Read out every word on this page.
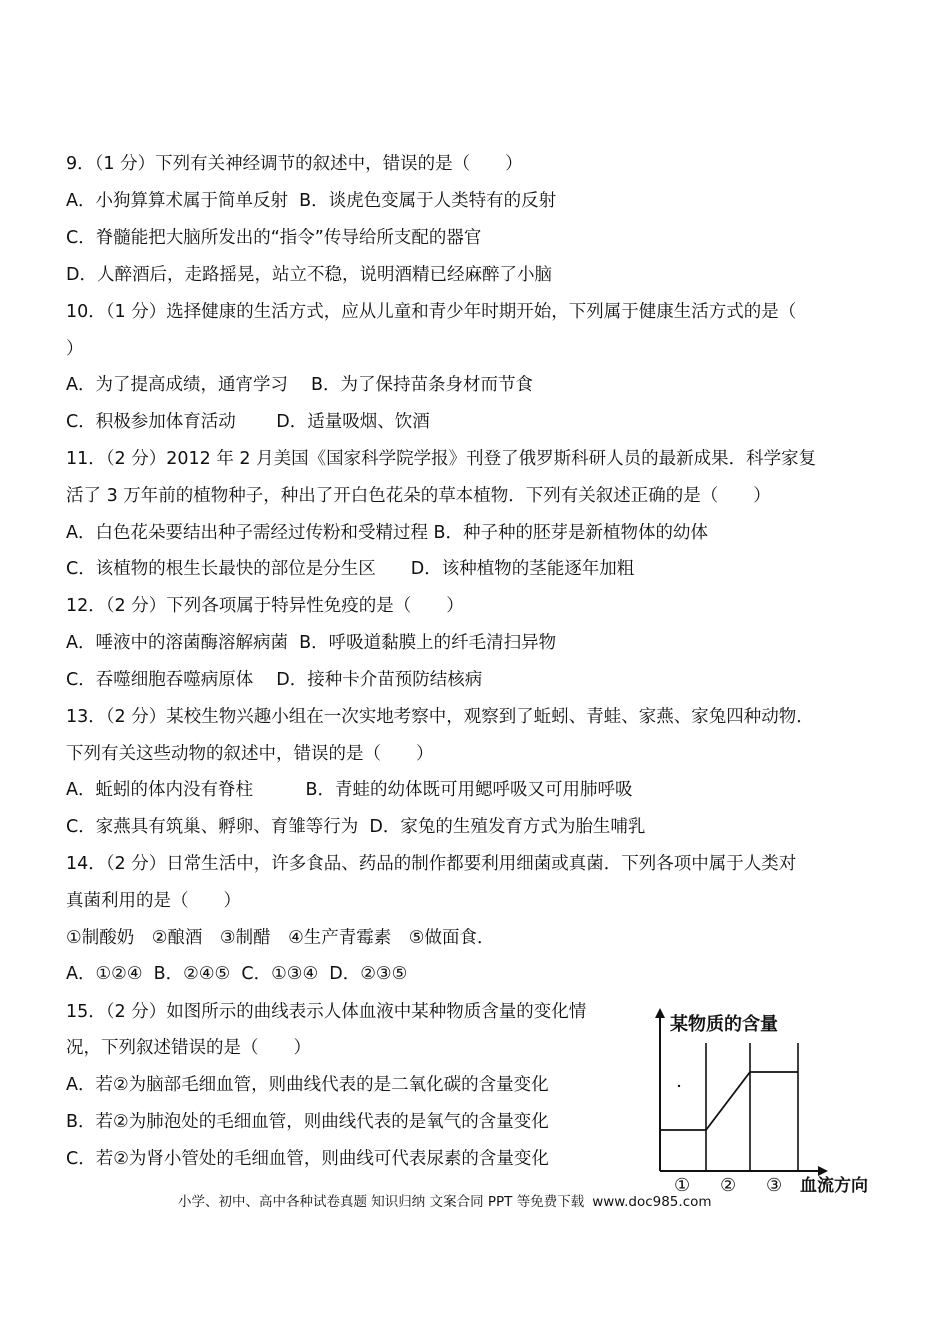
9．（1 分）下列有关神经调节的叙述中，错误的是（　　）
A．小狗算算术属于简单反射  B．谈虎色变属于人类特有的反射
C．脊髓能把大脑所发出的“指令”传导给所支配的器官
D．人醉酒后，走路摇晃，站立不稳，说明酒精已经麻醉了小脑
10．（1 分）选择健康的生活方式，应从儿童和青少年时期开始，下列属于健康生活方式的是（
）
A．为了提高成绩，通宵学习　 B．为了保持苗条身材而节食
C．积极参加体育活动　　 D．适量吸烟、饮酒
11．（2 分）2012 年 2 月美国《国家科学院学报》刊登了俄罗斯科研人员的最新成果．科学家复
活了 3 万年前的植物种子，种出了开白色花朵的草本植物．下列有关叙述正确的是（　　）
A．白色花朵要结出种子需经过传粉和受精过程 B．种子种的胚芽是新植物体的幼体
C．该植物的根生长最快的部位是分生区　　D．该种植物的茎能逐年加粗
12．（2 分）下列各项属于特异性免疫的是（　　）
A．唾液中的溶菌酶溶解病菌  B．呼吸道黏膜上的纤毛清扫异物
C．吞噬细胞吞噬病原体　 D．接种卡介苗预防结核病
13．（2 分）某校生物兴趣小组在一次实地考察中，观察到了蚯蚓、青蛙、家燕、家兔四种动物．
下列有关这些动物的叙述中，错误的是（　　）
A．蚯蚓的体内没有脊柱　　　B．青蛙的幼体既可用鳃呼吸又可用肺呼吸
C．家燕具有筑巢、孵卵、育雏等行为  D．家兔的生殖发育方式为胎生哺乳
14．（2 分）日常生活中，许多食品、药品的制作都要利用细菌或真菌．下列各项中属于人类对
真菌利用的是（　　）
①制酸奶　②酿酒　③制醋　④生产青霉素　⑤做面食．
A．①②④  B．②④⑤  C．①③④  D．②③⑤
15．（2 分）如图所示的曲线表示人体血液中某种物质含量的变化情
况，下列叙述错误的是（　　）
A．若②为脑部毛细血管，则曲线代表的是二氧化碳的含量变化
B．若②为肺泡处的毛细血管，则曲线代表的是氧气的含量变化
C．若②为肾小管处的毛细血管，则曲线可代表尿素的含量变化
某物质的含量
① ② ③ 血流方向
小学、初中、高中各种试卷真题 知识归纳 文案合同 PPT 等免费下载 www.doc985.com
